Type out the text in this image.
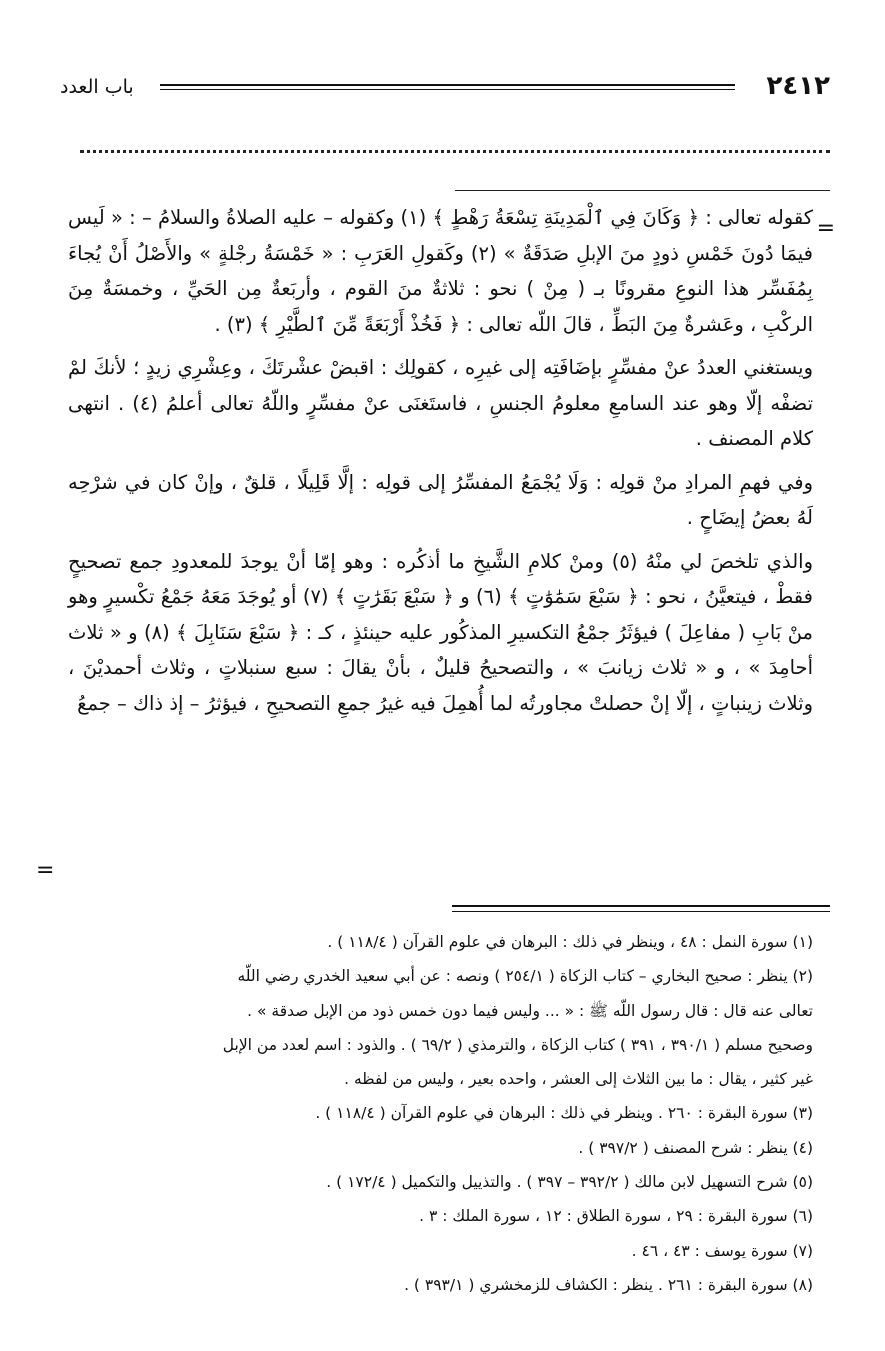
٢٤١٢
باب العدد
=

كقوله تعالى : ﴿ وَكَانَ فِي ٱلْمَدِينَةِ تِسْعَةُ رَهْطٍ ﴾ (١) وكقوله – عليه الصلاةُ والسلامُ – : « لَيس فيمَا دُونَ خَمْسِ ذودٍ منَ الإبلِ صَدَقَةٌ » (٢) وكَقولِ العَرَبِ : « خَمْسَةُ رجْلةٍ » والأَصْلُ أَنْ يُجاءَ بِمُفَسِّر هذا النوعِ مقرونًا بـ ( مِنْ ) نحو : ثلاثةٌ منَ القوم ، وأربَعةٌ مِن الحَيِّ ، وخمسَةٌ مِنَ الركْبِ ، وعَشرةٌ مِنَ البَطِّ ، قالَ اللّه تعالى : ﴿ فَخُذْ أَرْبَعَةً مِّنَ ٱلطَّيْرِ ﴾ (٣) .

ويستغني العددُ عنْ مفسِّرٍ بإضَافَتِه إلى غيرِه ، كقولِك : اقبضْ عشْرتَكَ ، وعِشْرِي زيدٍ ؛ لأنكَ لمْ تضفْه إلّا وهو عند السامعِ معلومُ الجنسِ ، فاستَغنَى عنْ مفسِّرٍ واللّهُ تعالى أعلمُ (٤) . انتهى كلام المصنف .

وفي فهمِ المرادِ منْ قولِه : وَلَا يُجْمَعُ المفسِّرُ إلى قولِه : إلَّا قَلِيلًا ، قلقٌ ، وإنْ كان في شرْحِه لَهُ بعضُ إيضَاحٍ .

والذي تلخصَ لي منْهُ (٥) ومنْ كلامِ الشَّيخِ ما أذكُره : وهو إمّا أنْ يوجدَ للمعدودِ جمع تصحيحٍ فقطْ ، فيتعيَّنُ ، نحو : ﴿ سَبْعَ سَمَٰوَٰتٍ ﴾ (٦) و ﴿ سَبْعَ بَقَرَٰتٍ ﴾ (٧) أو يُوجَدَ مَعَهُ جَمْعُ تكْسيرٍ وهو منْ بَابِ ( مفاعِلَ ) فيؤثَرُ جمْعُ التكسيرِ المذكُور عليه حينئذٍ ، كـ : ﴿ سَبْعَ سَنَابِلَ ﴾ (٨) و « ثلاث أحامِدَ » ، و « ثلاث زيانبَ » ، والتصحيحُ قليلٌ ، بأنْ يقالَ : سبع سنبلاتٍ ، وثلاث أحمديْنَ ، وثلاث زينباتٍ ، إلّا إنْ حصلتْ مجاورتُه لما أُهمِلَ فيه غيرُ جمعِ التصحيحِ ، فيؤثرُ – إذ ذاك – جمعُ

=

(١) سورة النمل : ٤٨ ، وينظر في ذلك : البرهان في علوم القرآن ( ١١٨/٤ ) .

(٢) ينظر : صحيح البخاري – كتاب الزكاة ( ٢٥٤/١ ) ونصه : عن أبي سعيد الخدري رضي اللّه

تعالى عنه قال : قال رسول اللّه ﷺ : « ... وليس فيما دون خمس ذود من الإبل صدقة » .

وصحيح مسلم ( ٣٩٠/١ ، ٣٩١ ) كتاب الزكاة ، والترمذي ( ٦٩/٢ ) . والذود : اسم لعدد من الإبل

غير كثير ، يقال : ما بين الثلاث إلى العشر ، واحده بعير ، وليس من لفظه .

(٣) سورة البقرة : ٢٦٠ . وينظر في ذلك : البرهان في علوم القرآن ( ١١٨/٤ ) .

(٤) ينظر : شرح المصنف ( ٣٩٧/٢ ) .

(٥) شرح التسهيل لابن مالك ( ٣٩٢/٢ – ٣٩٧ ) . والتذييل والتكميل ( ١٧٢/٤ ) .

(٦) سورة البقرة : ٢٩ ، سورة الطلاق : ١٢ ، سورة الملك : ٣ .

(٧) سورة يوسف : ٤٣ ، ٤٦ .

(٨) سورة البقرة : ٢٦١ . ينظر : الكشاف للزمخشري ( ٣٩٣/١ ) .
